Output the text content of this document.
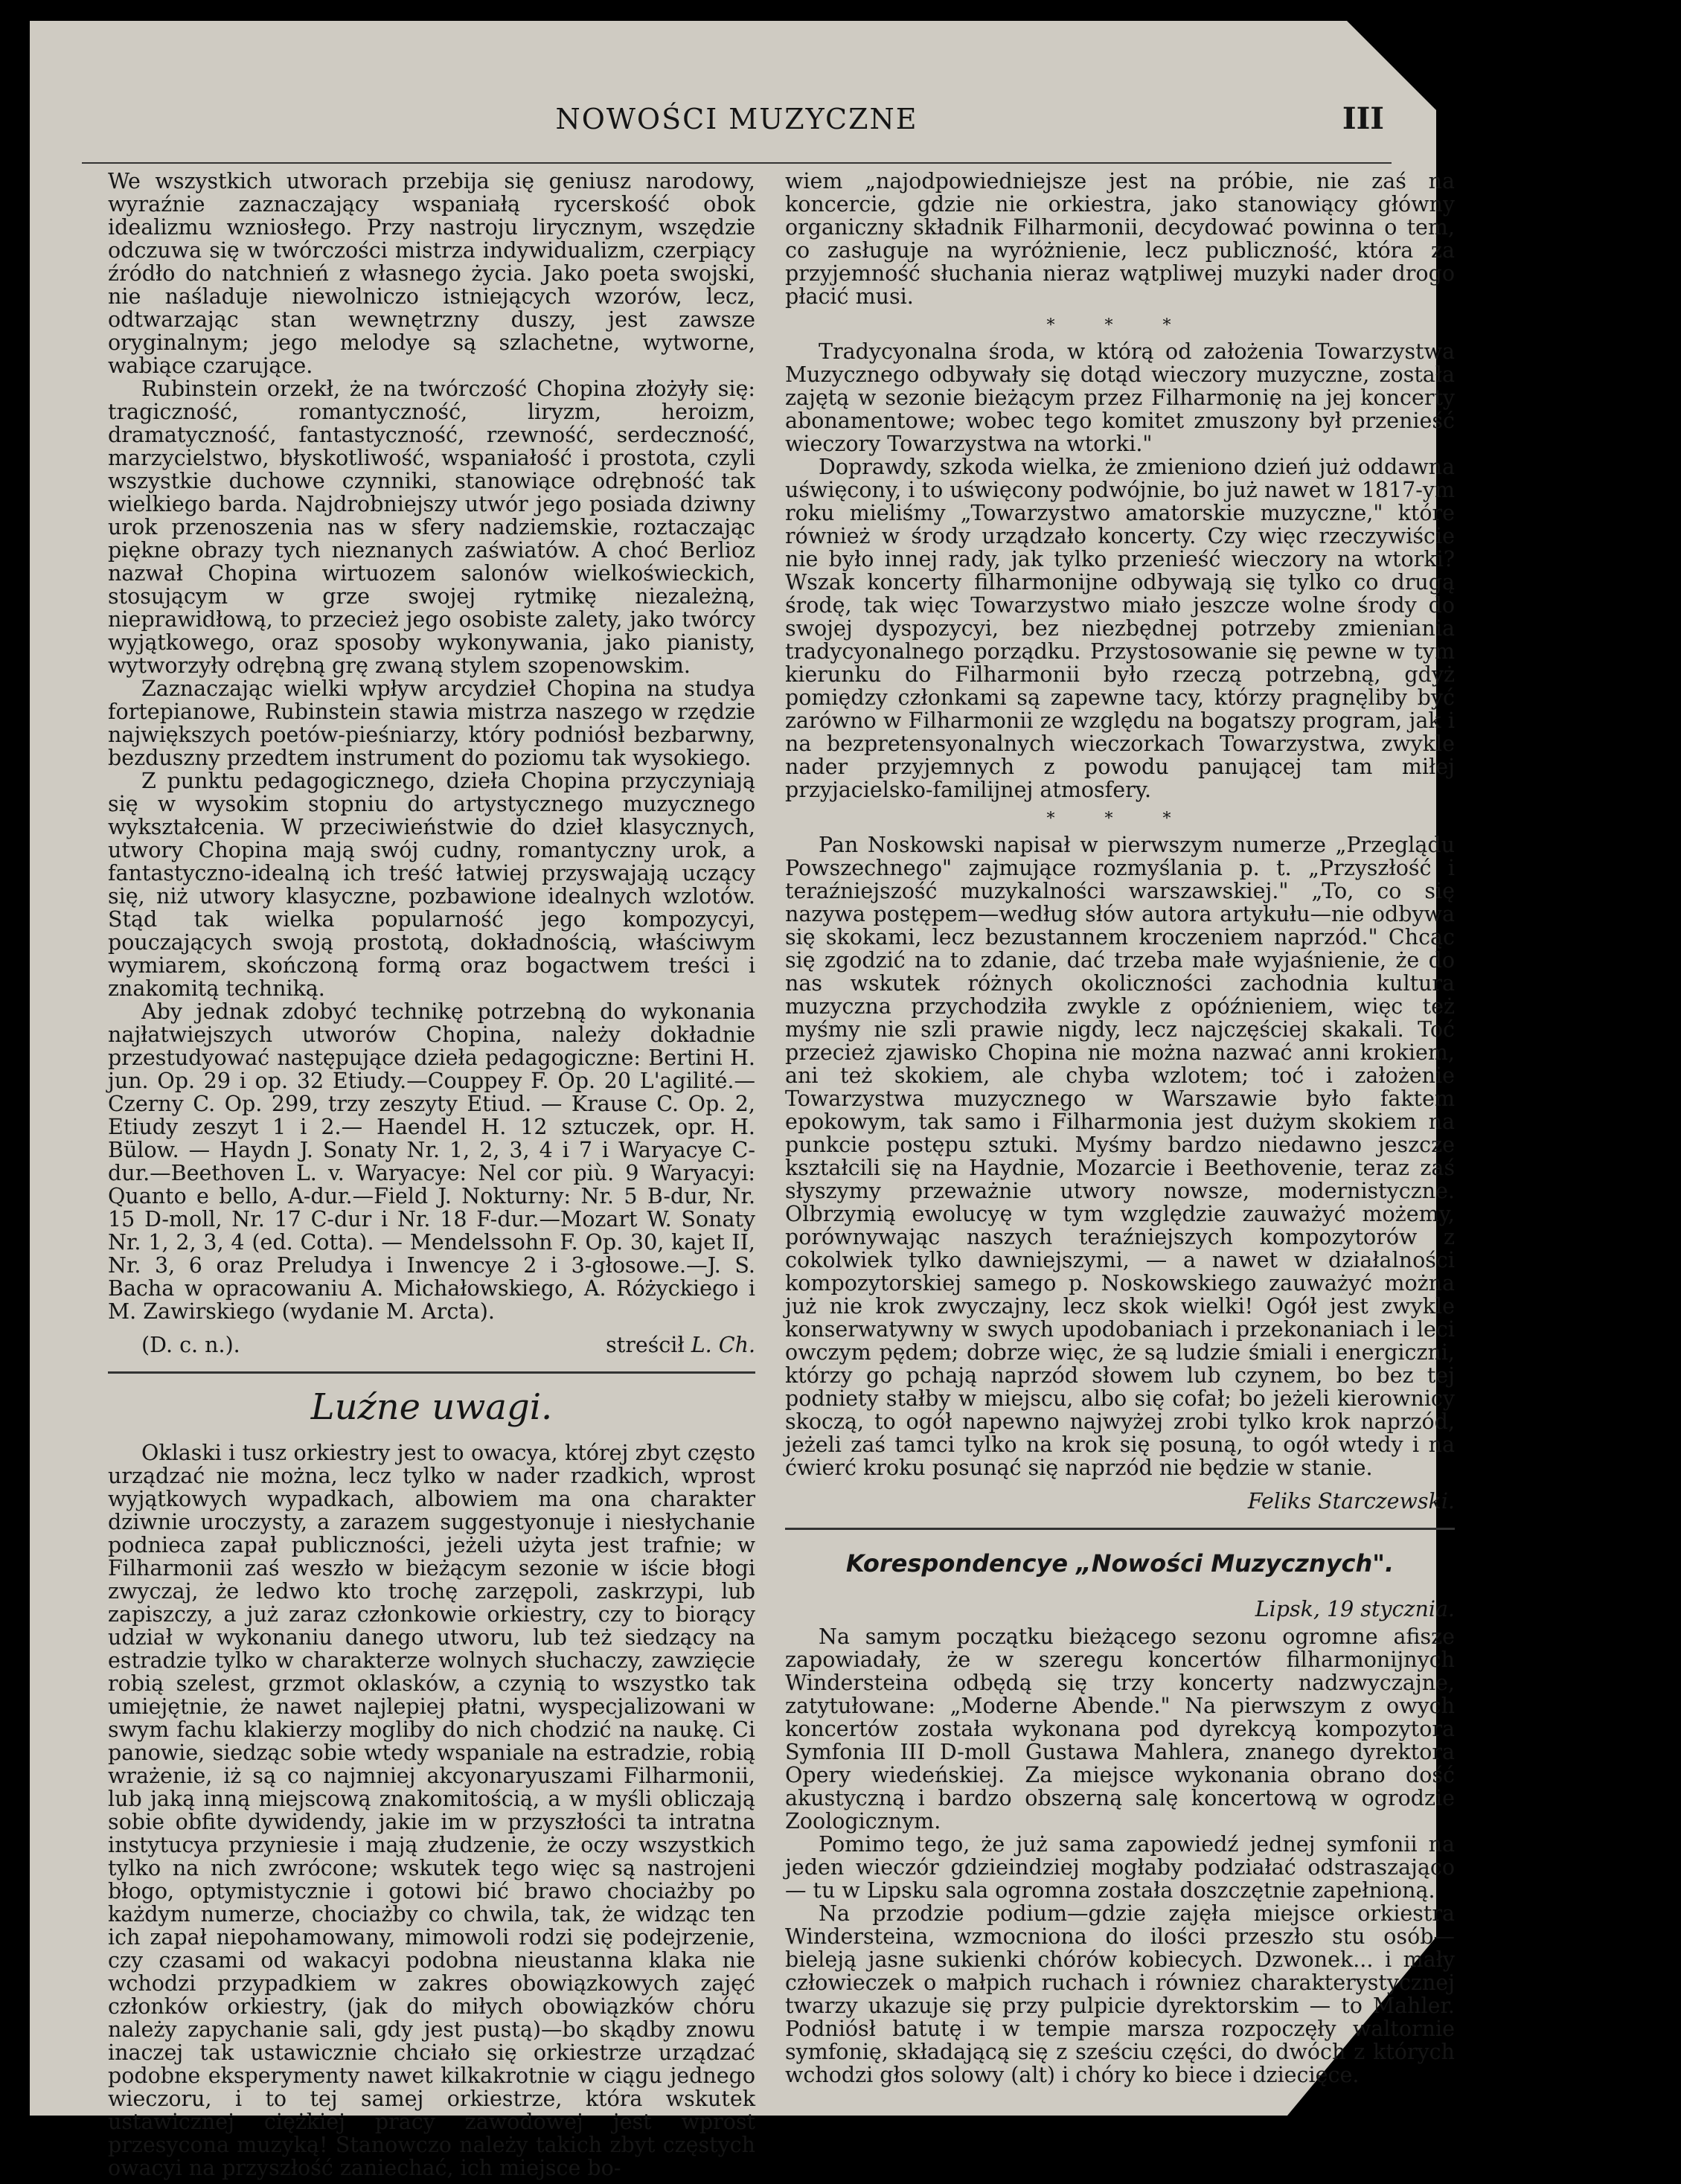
NOWOŚCI MUZYCZNE	III

We wszystkich utworach przebija się geniusz narodowy, wyraźnie zaznaczający wspaniałą rycerskość obok idealizmu wzniosłego. Przy nastroju lirycznym, wszędzie odczuwa się w twórczości mistrza indywidualizm, czerpiący źródło do natchnień z własnego życia. Jako poeta swojski, nie naśladuje niewolniczo istniejących wzorów, lecz, odtwarzając stan wewnętrzny duszy, jest zawsze oryginalnym; jego melodye są szlachetne, wytworne, wabiące czarujące.

Rubinstein orzekł, że na twórczość Chopina złożyły się: tragiczność, romantyczność, liryzm, heroizm, dramatyczność, fantastyczność, rzewność, serdeczność, marzycielstwo, błyskotliwość, wspaniałość i prostota, czyli wszystkie duchowe czynniki, stanowiące odrębność tak wielkiego barda. Najdrobniejszy utwór jego posiada dziwny urok przenoszenia nas w sfery nadziemskie, roztaczając piękne obrazy tych nieznanych zaświatów. A choć Berlioz nazwał Chopina wirtuozem salonów wielkoświeckich, stosującym w grze swojej rytmikę niezależną, nieprawidłową, to przecież jego osobiste zalety, jako twórcy wyjątkowego, oraz sposoby wykonywania, jako pianisty, wytworzyły odrębną grę zwaną stylem szopenowskim.

Zaznaczając wielki wpływ arcydzieł Chopina na studya fortepianowe, Rubinstein stawia mistrza naszego w rzędzie największych poetów-pieśniarzy, który podniósł bezbarwny, bezduszny przedtem instrument do poziomu tak wysokiego.

Z punktu pedagogicznego, dzieła Chopina przyczyniają się w wysokim stopniu do artystycznego muzycznego wykształcenia. W przeciwieństwie do dzieł klasycznych, utwory Chopina mają swój cudny, romantyczny urok, a fantastyczno-idealną ich treść łatwiej przyswajają uczący się, niż utwory klasyczne, pozbawione idealnych wzlotów. Stąd tak wielka popularność jego kompozycyi, pouczających swoją prostotą, dokładnością, właściwym wymiarem, skończoną formą oraz bogactwem treści i znakomitą techniką.

Aby jednak zdobyć technikę potrzebną do wykonania najłatwiejszych utworów Chopina, należy dokładnie przestudyować następujące dzieła pedagogiczne: Bertini H. jun. Op. 29 i op. 32 Etiudy.—Couppey F. Op. 20 L'agilité.—Czerny C. Op. 299, trzy zeszyty Etiud. — Krause C. Op. 2, Etiudy zeszyt 1 i 2.— Haendel H. 12 sztuczek, opr. H. Bülow. — Haydn J. Sonaty Nr. 1, 2, 3, 4 i 7 i Waryacye C-dur.—Beethoven L. v. Waryacye: Nel cor più. 9 Waryacyi: Quanto e bello, A-dur.—Field J. Nokturny: Nr. 5 B-dur, Nr. 15 D-moll, Nr. 17 C-dur i Nr. 18 F-dur.—Mozart W. Sonaty Nr. 1, 2, 3, 4 (ed. Cotta). — Mendelssohn F. Op. 30, kajet II, Nr. 3, 6 oraz Preludya i Inwencye 2 i 3-głosowe.—J. S. Bacha w opracowaniu A. Michałowskiego, A. Różyckiego i M. Zawirskiego (wydanie M. Arcta).

(D. c. n.).	streścił L. Ch.
Luźne uwagi.

Oklaski i tusz orkiestry jest to owacya, której zbyt często urządzać nie można, lecz tylko w nader rzadkich, wprost wyjątkowych wypadkach, albowiem ma ona charakter dziwnie uroczysty, a zarazem suggestyonuje i niesłychanie podnieca zapał publiczności, jeżeli użyta jest trafnie; w Filharmonii zaś weszło w bieżącym sezonie w iście błogi zwyczaj, że ledwo kto trochę zarzępoli, zaskrzypi, lub zapiszczy, a już zaraz członkowie orkiestry, czy to biorący udział w wykonaniu danego utworu, lub też siedzący na estradzie tylko w charakterze wolnych słuchaczy, zawzięcie robią szelest, grzmot oklasków, a czynią to wszystko tak umiejętnie, że nawet najlepiej płatni, wyspecjalizowani w swym fachu klakierzy mogliby do nich chodzić na naukę. Ci panowie, siedząc sobie wtedy wspaniale na estradzie, robią wrażenie, iż są co najmniej akcyonaryuszami Filharmonii, lub jaką inną miejscową znakomitością, a w myśli obliczają sobie obfite dywidendy, jakie im w przyszłości ta intratna instytucya przyniesie i mają złudzenie, że oczy wszystkich tylko na nich zwrócone; wskutek tego więc są nastrojeni błogo, optymistycznie i gotowi bić brawo chociażby po każdym numerze, chociażby co chwila, tak, że widząc ten ich zapał niepohamowany, mimowoli rodzi się podejrzenie, czy czasami od wakacyi podobna nieustanna klaka nie wchodzi przypadkiem w zakres obowiązkowych zajęć członków orkiestry, (jak do miłych obowiązków chóru należy zapychanie sali, gdy jest pustą)—bo skądby znowu inaczej tak ustawicznie chciało się orkiestrze urządzać podobne eksperymenty nawet kilkakrotnie w ciągu jednego wieczoru, i to tej samej orkiestrze, która wskutek ustawicznej ciężkiej pracy zawodowej jest wprost przesycona muzyką! Stanowczo należy takich zbyt częstych owacyi na przyszłość zaniechać, ich miejsce bo-

wiem „najodpowiedniejsze jest na próbie, nie zaś na koncercie, gdzie nie orkiestra, jako stanowiący główny organiczny składnik Filharmonii, decydować powinna o tem, co zasługuje na wyróżnienie, lecz publiczność, która za przyjemność słuchania nieraz wątpliwej muzyki nader drogo płacić musi.

* * *

Tradycyonalna środa, w którą od założenia Towarzystwa Muzycznego odbywały się dotąd wieczory muzyczne, została zajętą w sezonie bieżącym przez Filharmonię na jej koncerty abonamentowe; wobec tego komitet zmuszony był przenieść wieczory Towarzystwa na wtorki."

Doprawdy, szkoda wielka, że zmieniono dzień już oddawna uświęcony, i to uświęcony podwójnie, bo już nawet w 1817-ym roku mieliśmy „Towarzystwo amatorskie muzyczne," które również w środy urządzało koncerty. Czy więc rzeczywiście nie było innej rady, jak tylko przenieść wieczory na wtorki? Wszak koncerty filharmonijne odbywają się tylko co drugą środę, tak więc Towarzystwo miało jeszcze wolne środy do swojej dyspozycyi, bez niezbędnej potrzeby zmieniania tradycyonalnego porządku. Przystosowanie się pewne w tym kierunku do Filharmonii było rzeczą potrzebną, gdyż pomiędzy członkami są zapewne tacy, którzy pragnęliby być zarówno w Filharmonii ze względu na bogatszy program, jak i na bezpretensyonalnych wieczorkach Towarzystwa, zwykle nader przyjemnych z powodu panującej tam miłej przyjacielsko-familijnej atmosfery.

* * *

Pan Noskowski napisał w pierwszym numerze „Przeglądu Powszechnego" zajmujące rozmyślania p. t. „Przyszłość i teraźniejszość muzykalności warszawskiej." „To, co się nazywa postępem—według słów autora artykułu—nie odbywa się skokami, lecz bezustannem kroczeniem naprzód." Chcąc się zgodzić na to zdanie, dać trzeba małe wyjaśnienie, że do nas wskutek różnych okoliczności zachodnia kultura muzyczna przychodziła zwykle z opóźnieniem, więc też myśmy nie szli prawie nigdy, lecz najczęściej skakali. Toć przecież zjawisko Chopina nie można nazwać anni krokiem, ani też skokiem, ale chyba wzlotem; toć i założenie Towarzystwa muzycznego w Warszawie było faktem epokowym, tak samo i Filharmonia jest dużym skokiem na punkcie postępu sztuki. Myśmy bardzo niedawno jeszcze kształcili się na Haydnie, Mozarcie i Beethovenie, teraz zaś słyszymy przeważnie utwory nowsze, modernistyczne. Olbrzymią ewolucyę w tym względzie zauważyć możemy, porównywając naszych teraźniejszych kompozytorów z cokolwiek tylko dawniejszymi, — a nawet w działalności kompozytorskiej samego p. Noskowskiego zauważyć można już nie krok zwyczajny, lecz skok wielki! Ogół jest zwykle konserwatywny w swych upodobaniach i przekonaniach i leci owczym pędem; dobrze więc, że są ludzie śmiali i energiczni, którzy go pchają naprzód słowem lub czynem, bo bez tej podniety stałby w miejscu, albo się cofał; bo jeżeli kierownicy skoczą, to ogół napewno najwyżej zrobi tylko krok naprzód, jeżeli zaś tamci tylko na krok się posuną, to ogół wtedy i na ćwierć kroku posunąć się naprzód nie będzie w stanie.

Feliks Starczewski.
Korespondencye „Nowości Muzycznych".
Lipsk, 19 stycznia.

Na samym początku bieżącego sezonu ogromne afisze zapowiadały, że w szeregu koncertów filharmonijnych Windersteina odbędą się trzy koncerty nadzwyczajne, zatytułowane: „Moderne Abende." Na pierwszym z owych koncertów została wykonana pod dyrekcyą kompozytora Symfonia III D-moll Gustawa Mahlera, znanego dyrektora Opery wiedeńskiej. Za miejsce wykonania obrano dość akustyczną i bardzo obszerną salę koncertową w ogrodzie Zoologicznym.

Pomimo tego, że już sama zapowiedź jednej symfonii na jeden wieczór gdzieindziej mogłaby podziałać odstraszająco — tu w Lipsku sala ogromna została doszczętnie zapełnioną.

Na przodzie podium—gdzie zajęła miejsce orkiestra Windersteina, wzmocniona do ilości przeszło stu osób—bieleją jasne sukienki chórów kobiecych. Dzwonek... i mały człowieczek o małpich ruchach i równiez charakterystycznej twarzy ukazuje się przy pulpicie dyrektorskim — to Mahler. Podniósł batutę i w tempie marsza rozpoczęły waltornie symfonię, składającą się z sześciu części, do dwóch z których wchodzi głos solowy (alt) i chóry ko biece i dziecięce.
